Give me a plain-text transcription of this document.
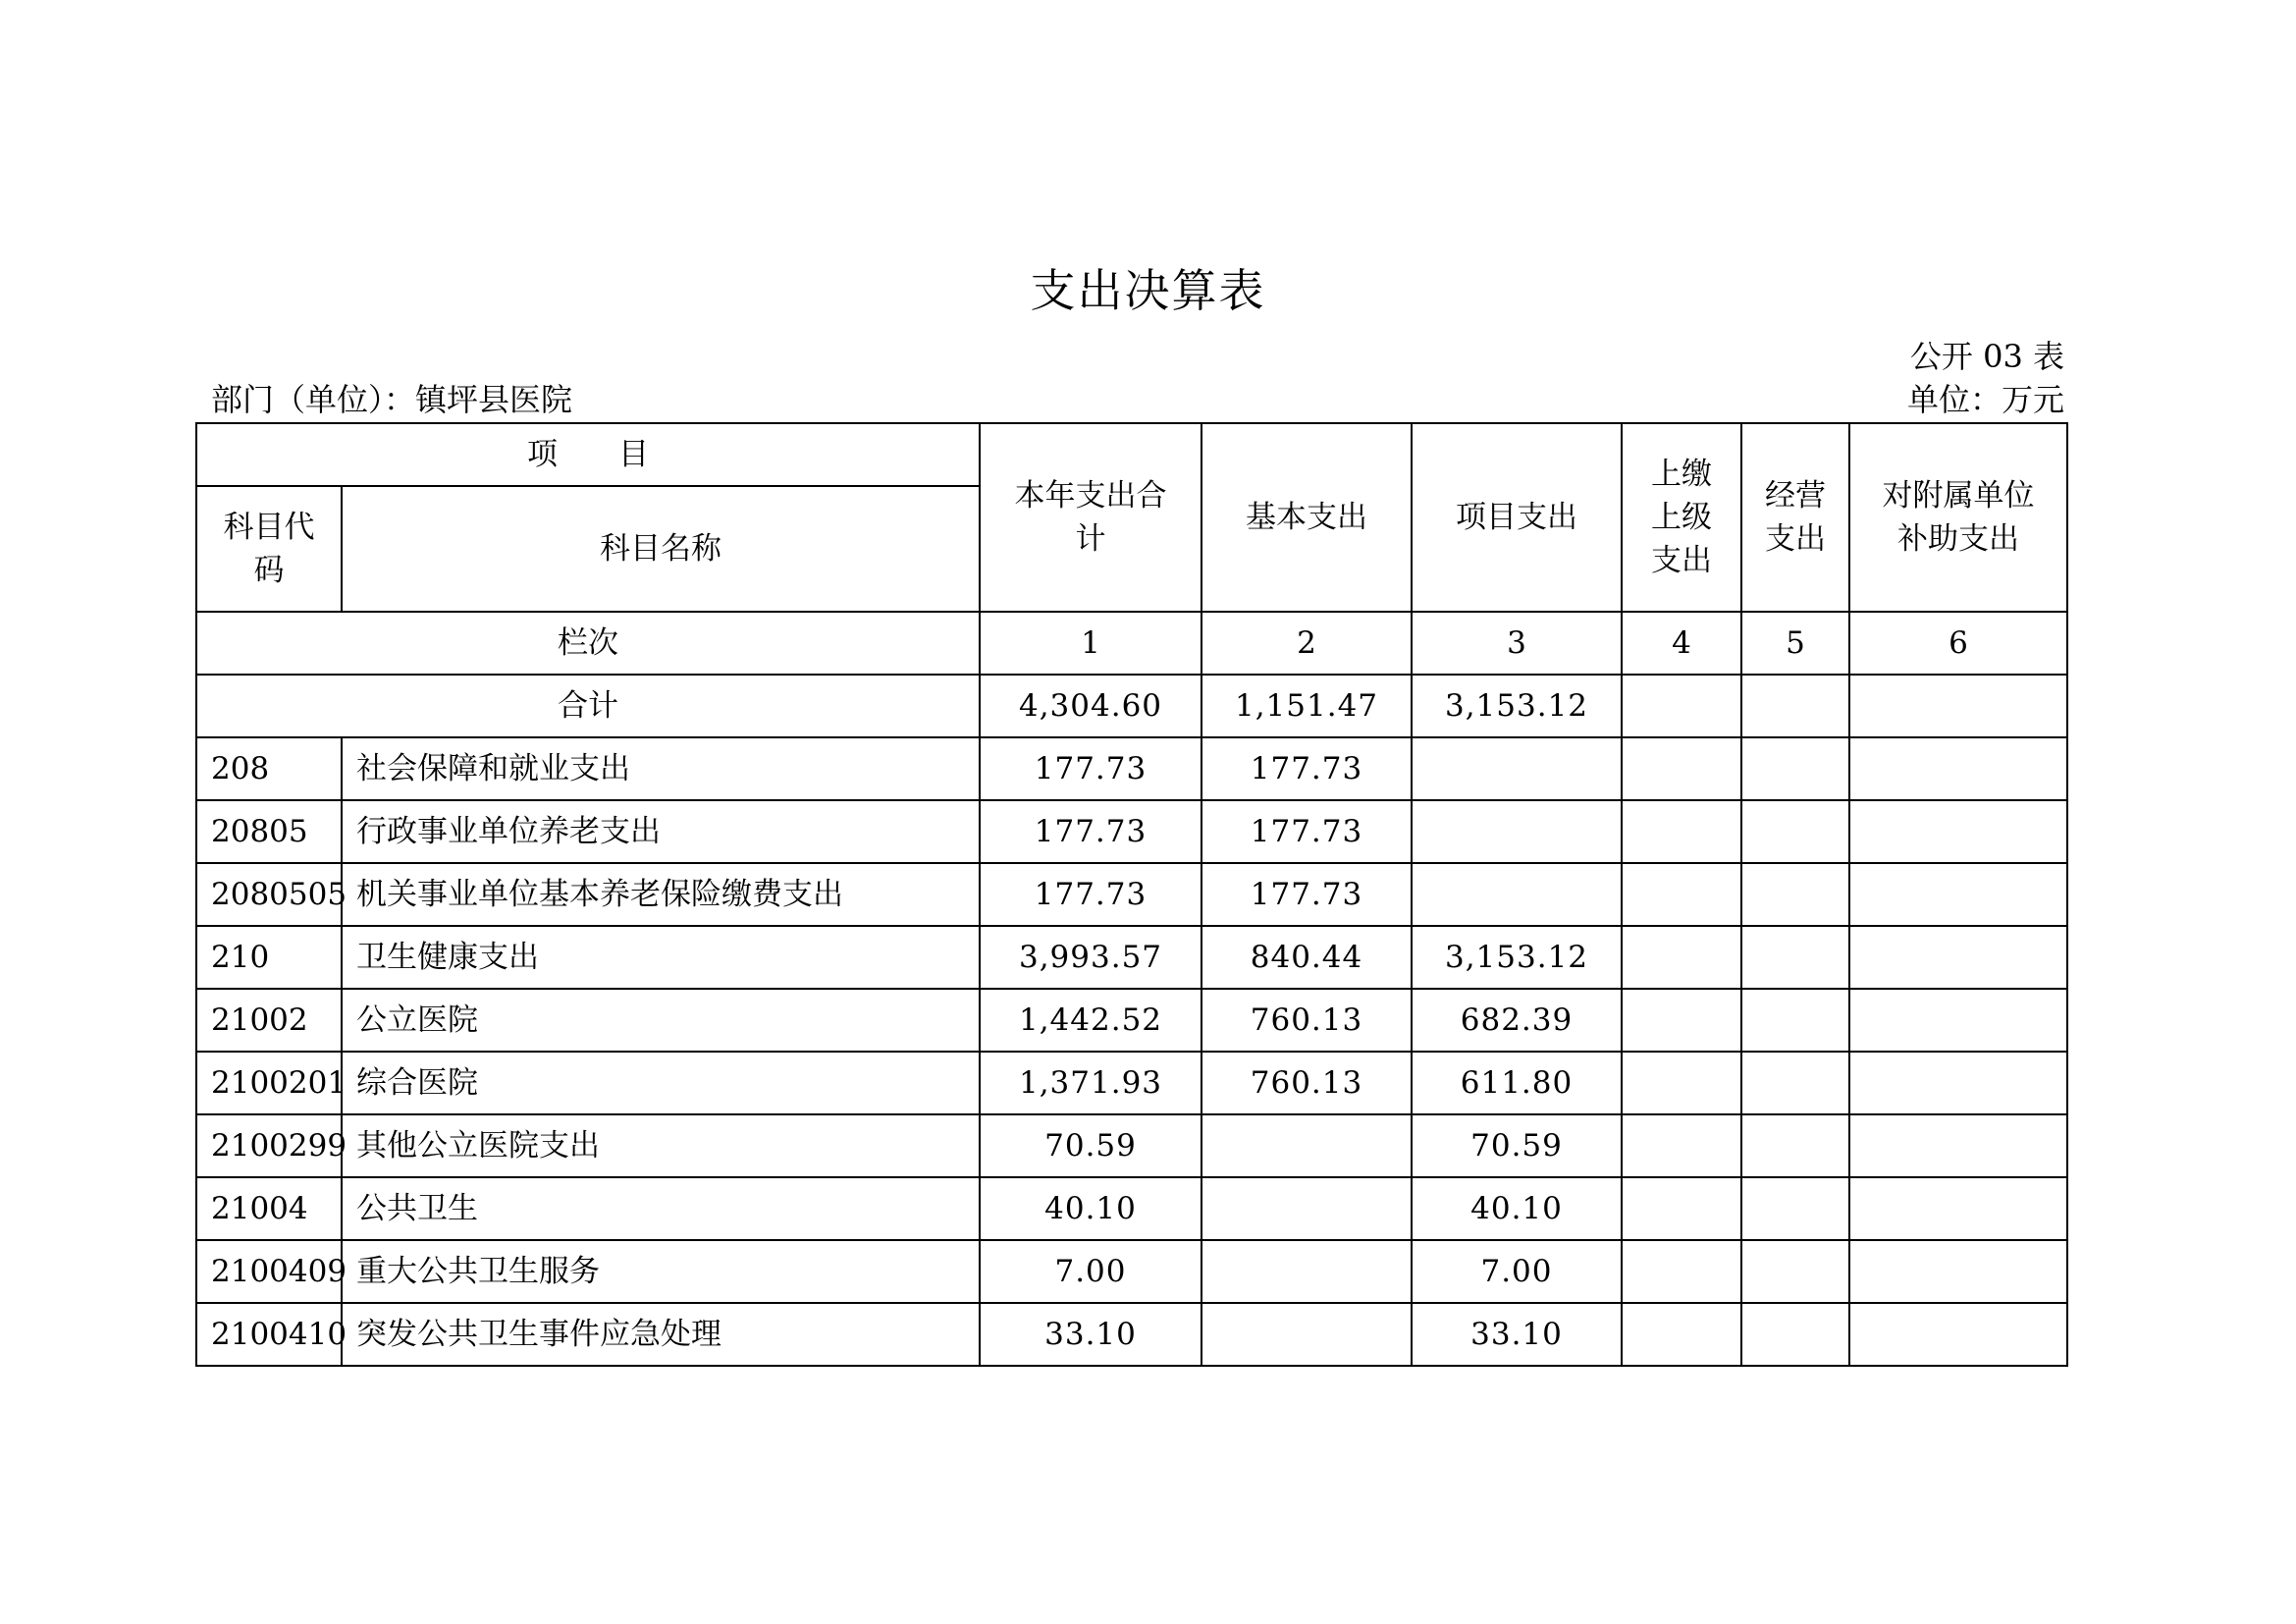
支出决算表
公开 03 表
部门（单位）：镇坪县医院	单位：万元
项　　目		本年支出合计	基本支出	项目支出	上缴上级支出	经营支出	对附属单位补助支出
科目代码	科目名称						
栏次		1	2	3	4	5	6
合计		4,304.60	1,151.47	3,153.12			
208	社会保障和就业支出	177.73	177.73				
20805	行政事业单位养老支出	177.73	177.73				
2080505	机关事业单位基本养老保险缴费支出	177.73	177.73				
210	卫生健康支出	3,993.57	840.44	3,153.12			
21002	公立医院	1,442.52	760.13	682.39			
2100201	综合医院	1,371.93	760.13	611.80			
2100299	其他公立医院支出	70.59		70.59			
21004	公共卫生	40.10		40.10			
2100409	重大公共卫生服务	7.00		7.00			
2100410	突发公共卫生事件应急处理	33.10		33.10			
